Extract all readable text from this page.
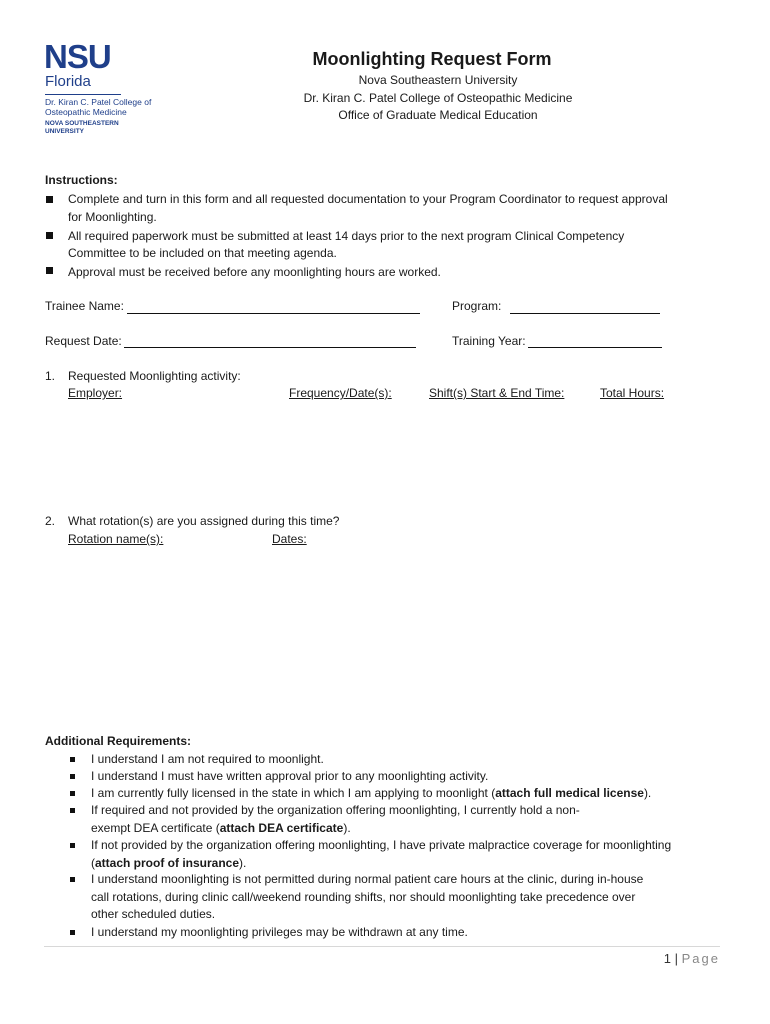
NSU
Florida
Dr. Kiran C. Patel College of Osteopathic Medicine
NOVA SOUTHEASTERN UNIVERSITY
Moonlighting Request Form
Nova Southeastern University
Dr. Kiran C. Patel College of Osteopathic Medicine
Office of Graduate Medical Education
Instructions:
Complete and turn in this form and all requested documentation to your Program Coordinator to request approval
for Moonlighting.
All required paperwork must be submitted at least 14 days prior to the next program Clinical Competency
Committee to be included on that meeting agenda.
Approval must be received before any moonlighting hours are worked.
Trainee Name:	Program:
Request Date:	Training Year:
1. Requested Moonlighting activity:
Employer:	Frequency/Date(s):	Shift(s) Start & End Time:	Total Hours:
2. What rotation(s) are you assigned during this time?
Rotation name(s):	Dates:
Additional Requirements:
I understand I am not required to moonlight.
I understand I must have written approval prior to any moonlighting activity.
I am currently fully licensed in the state in which I am applying to moonlight (attach full medical license).
If required and not provided by the organization offering moonlighting, I currently hold a non-
exempt DEA certificate (attach DEA certificate).
If not provided by the organization offering moonlighting, I have private malpractice coverage for moonlighting
(attach proof of insurance).
I understand moonlighting is not permitted during normal patient care hours at the clinic, during in-house
call rotations, during clinic call/weekend rounding shifts, nor should moonlighting take precedence over
other scheduled duties.
I understand my moonlighting privileges may be withdrawn at any time.
1 | Page
